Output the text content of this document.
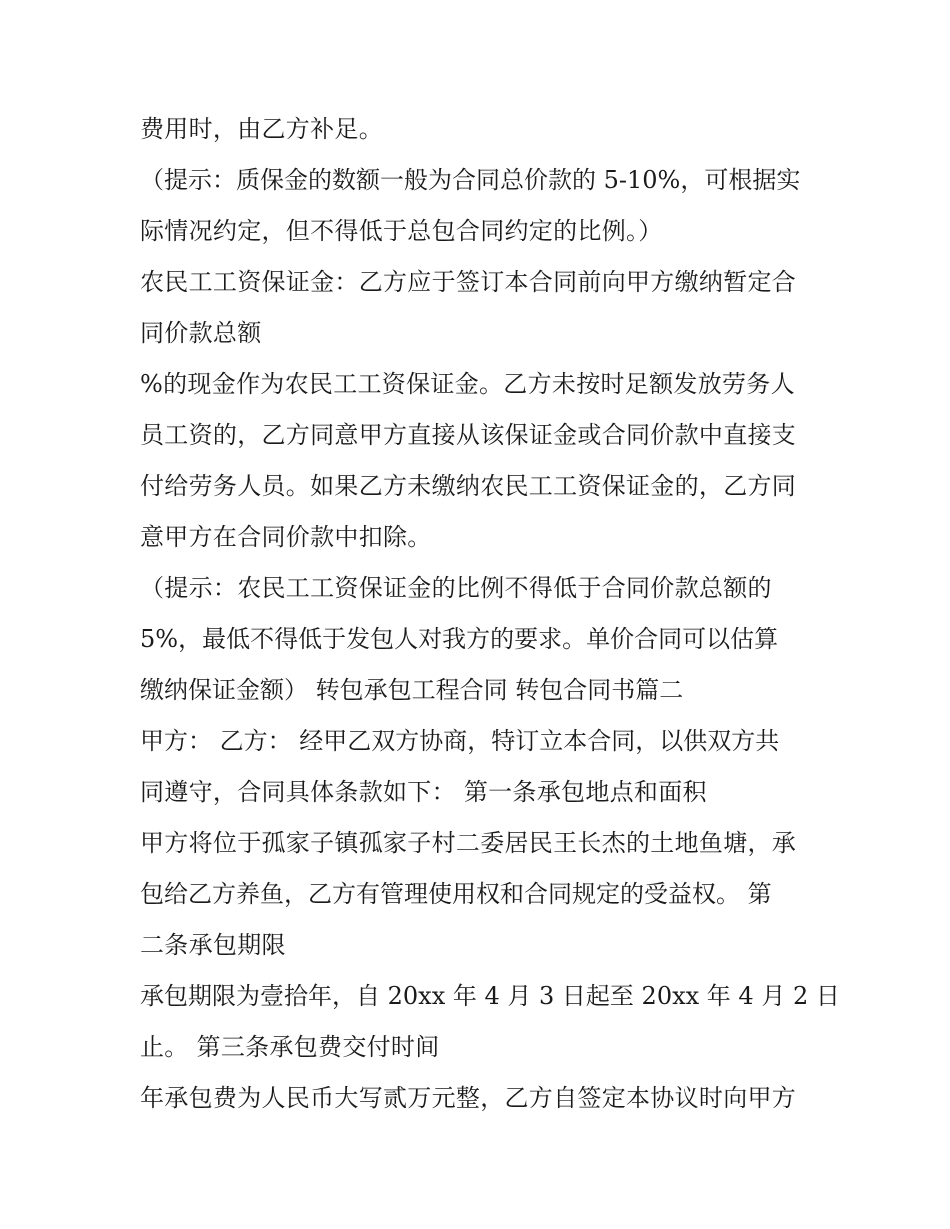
费用时，由乙方补足。
（提示：质保金的数额一般为合同总价款的 5-10%，可根据实
际情况约定，但不得低于总包合同约定的比例。）
农民工工资保证金：乙方应于签订本合同前向甲方缴纳暂定合
同价款总额
%的现金作为农民工工资保证金。乙方未按时足额发放劳务人
员工资的，乙方同意甲方直接从该保证金或合同价款中直接支
付给劳务人员。如果乙方未缴纳农民工工资保证金的，乙方同
意甲方在合同价款中扣除。
（提示：农民工工资保证金的比例不得低于合同价款总额的
5%，最低不得低于发包人对我方的要求。单价合同可以估算
缴纳保证金额） 转包承包工程合同 转包合同书篇二
甲方： 乙方： 经甲乙双方协商，特订立本合同，以供双方共
同遵守，合同具体条款如下： 第一条承包地点和面积
甲方将位于孤家子镇孤家子村二委居民王长杰的土地鱼塘，承
包给乙方养鱼，乙方有管理使用权和合同规定的受益权。 第
二条承包期限
承包期限为壹拾年，自 20xx 年 4 月 3 日起至 20xx 年 4 月 2 日
止。 第三条承包费交付时间
年承包费为人民币大写贰万元整，乙方自签定本协议时向甲方
